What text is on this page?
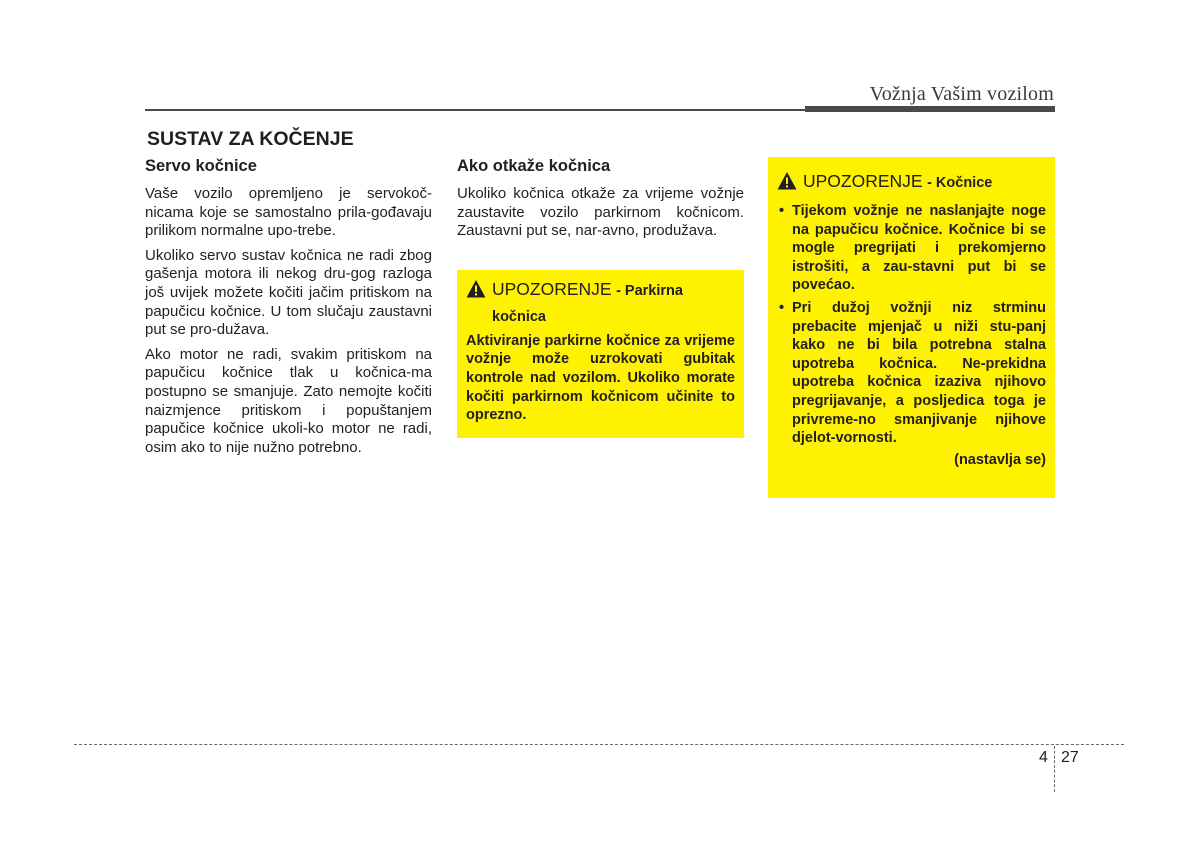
Vožnja Vašim vozilom
SUSTAV ZA KOČENJE
Servo kočnice

Vaše vozilo opremljeno je servokoč-nicama koje se samostalno prila-gođavaju prilikom normalne upo-trebe.

Ukoliko servo sustav kočnica ne radi zbog gašenja motora ili nekog dru-gog razloga još uvijek možete kočiti jačim pritiskom na papučicu kočnice. U tom slučaju zaustavni put se pro-dužava.

Ako motor ne radi, svakim pritiskom na papučicu kočnice tlak u kočnica-ma postupno se smanjuje. Zato nemojte kočiti naizmjence pritiskom i popuštanjem papučice kočnice ukoli-ko motor ne radi, osim ako to nije nužno potrebno.

Ako otkaže kočnica

Ukoliko kočnica otkaže za vrijeme vožnje zaustavite vozilo parkirnom kočnicom. Zaustavni put se, nar-avno, produžava.

UPOZORENJE - Parkirna kočnica

Aktiviranje parkirne kočnice za vrijeme vožnje može uzrokovati gubitak kontrole nad vozilom. Ukoliko morate kočiti parkirnom kočnicom učinite to oprezno.

UPOZORENJE - Kočnice
• Tijekom vožnje ne naslanjajte noge na papučicu kočnice. Kočnice bi se mogle pregrijati i prekomjerno istrošiti, a zau-stavni put bi se povećao.
• Pri dužoj vožnji niz strminu prebacite mjenjač u niži stu-panj kako ne bi bila potrebna stalna upotreba kočnica. Ne-prekidna upotreba kočnica izaziva njihovo pregrijavanje, a posljedica toga je privreme-no smanjivanje njihove djelot-vornosti.
(nastavlja se)
4 27
